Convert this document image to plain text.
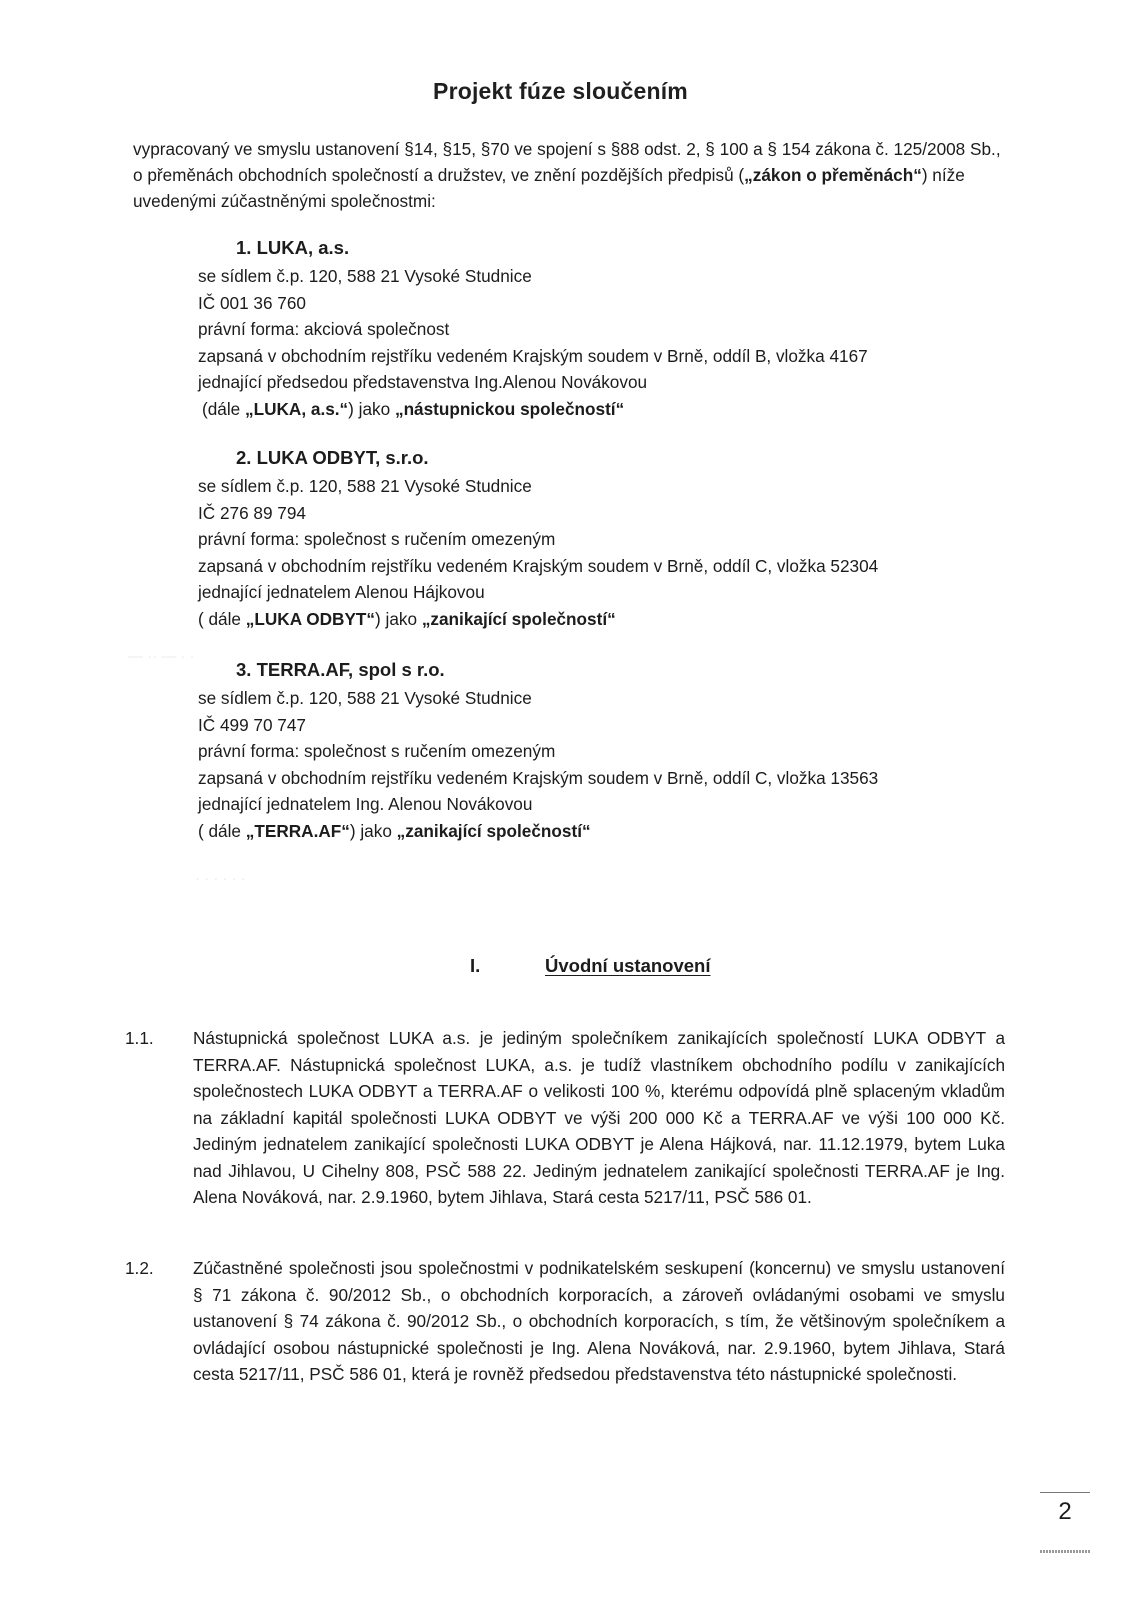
Projekt fúze sloučením
vypracovaný ve smyslu ustanovení §14, §15, §70 ve spojení s §88 odst. 2, § 100 a § 154 zákona č. 125/2008 Sb., o přeměnách obchodních společností a družstev, ve znění pozdějších předpisů („zákon o přeměnách“) níže uvedenými zúčastněnými společnostmi:
1. LUKA, a.s.
se sídlem č.p. 120, 588 21 Vysoké Studnice
IČ 001 36 760
právní forma: akciová společnost
zapsaná v obchodním rejstříku vedeném Krajským soudem v Brně, oddíl B, vložka 4167
jednající předsedou představenstva Ing.Alenou Novákovou
(dále „LUKA, a.s.“) jako „nástupnickou společností“
2. LUKA ODBYT, s.r.o.
se sídlem č.p. 120, 588 21 Vysoké Studnice
IČ 276 89 794
právní forma: společnost s ručením omezeným
zapsaná v obchodním rejstříku vedeném Krajským soudem v Brně, oddíl C, vložka 52304
jednající jednatelem Alenou Hájkovou
( dále „LUKA ODBYT“) jako „zanikající společností“
3. TERRA.AF, spol s r.o.
se sídlem č.p. 120, 588 21 Vysoké Studnice
IČ 499 70 747
právní forma: společnost s ručením omezeným
zapsaná v obchodním rejstříku vedeném Krajským soudem v Brně, oddíl C, vložka 13563
jednající jednatelem Ing. Alenou Novákovou
( dále „TERRA.AF“) jako „zanikající společností“
— ·· — · ·
· · · · · ·
I.	Úvodní ustanovení
1.1.	Nástupnická společnost LUKA a.s. je jediným společníkem zanikajících společností LUKA ODBYT a TERRA.AF. Nástupnická společnost LUKA, a.s. je tudíž vlastníkem obchodního podílu v zanikajících společnostech LUKA ODBYT a TERRA.AF o velikosti 100 %, kterému odpovídá plně splaceným vkladům na základní kapitál společnosti LUKA ODBYT ve výši 200 000 Kč a TERRA.AF ve výši 100 000 Kč. Jediným jednatelem zanikající společnosti LUKA ODBYT je Alena Hájková, nar. 11.12.1979, bytem Luka nad Jihlavou, U Cihelny 808, PSČ 588 22. Jediným jednatelem zanikající společnosti TERRA.AF je Ing. Alena Nováková, nar. 2.9.1960, bytem Jihlava, Stará cesta 5217/11, PSČ 586 01.
1.2.	Zúčastněné společnosti jsou společnostmi v podnikatelském seskupení (koncernu) ve smyslu ustanovení § 71 zákona č. 90/2012 Sb., o obchodních korporacích, a zároveň ovládanými osobami ve smyslu ustanovení § 74 zákona č. 90/2012 Sb., o obchodních korporacích, s tím, že většinovým společníkem a ovládající osobou nástupnické společnosti je Ing. Alena Nováková, nar. 2.9.1960, bytem Jihlava, Stará cesta 5217/11, PSČ 586 01, která je rovněž předsedou představenstva této nástupnické společnosti.
2
